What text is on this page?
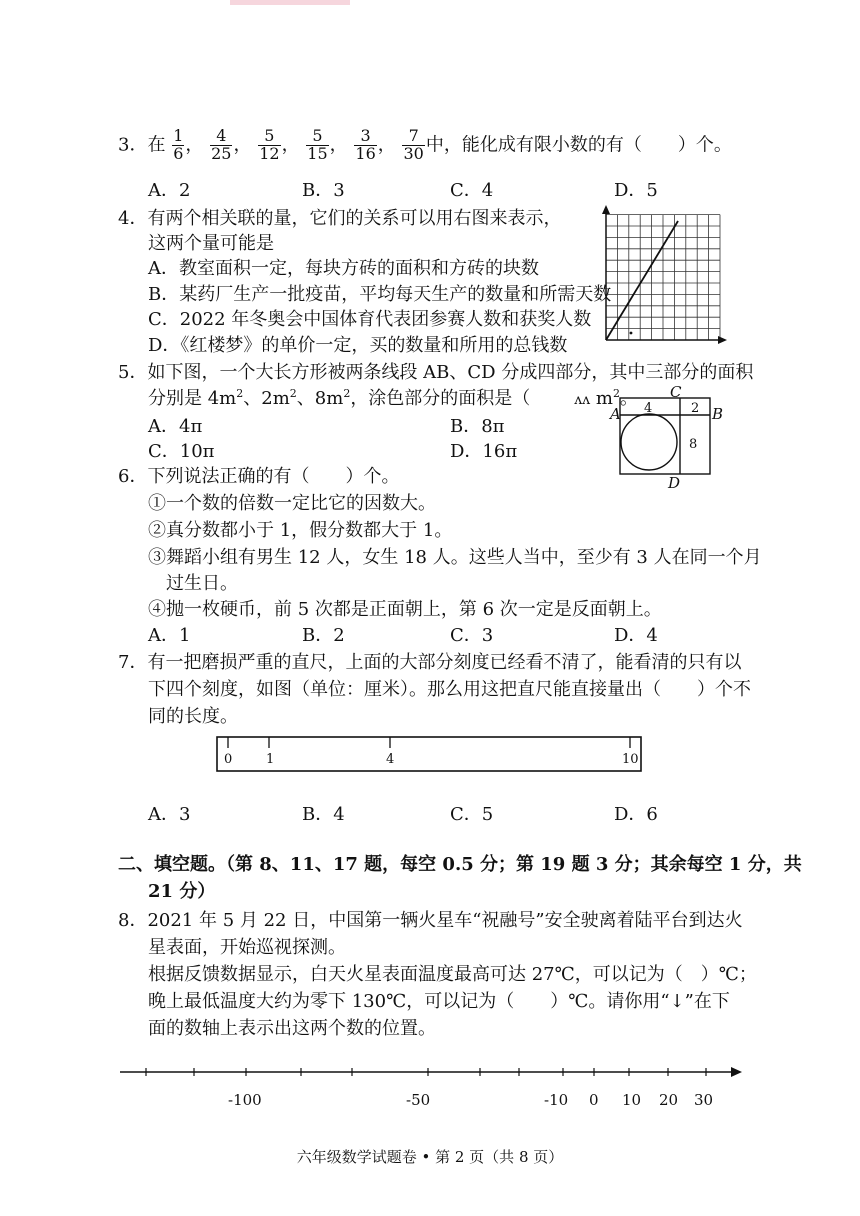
3．在 $\frac{1}{6}$ ， $\frac{4}{25}$ ， $\frac{5}{12}$ ， $\frac{5}{15}$ ， $\frac{3}{16}$ ， $\frac{7}{30}$ 中，能化成有限小数的有（　　）个。
A．2	B．3	C．4	D．5
4．有两个相关联的量，它们的关系可以用右图来表示，
这两个量可能是
A．教室面积一定，每块方砖的面积和方砖的块数
B．某药厂生产一批疫苗，平均每天生产的数量和所需天数
C．2022 年冬奥会中国体育代表团参赛人数和获奖人数
D．《红楼梦》的单价一定，买的数量和所用的总钱数
5．如下图，一个大长方形被两条线段 AB、CD 分成四部分，其中三部分的面积
分别是 $4m^2$、$2m^2$、$8m^2$，涂色部分的面积是（	ʌʌ $m^2$。
A．4π	B．8π
C．10π	D．16π
C
A	B
D
4	2
8
6．下列说法正确的有（　　）个。
①一个数的倍数一定比它的因数大。
②真分数都小于 1，假分数都大于 1。
③舞蹈小组有男生 12 人，女生 18 人。这些人当中，至少有 3 人在同一个月
过生日。
④抛一枚硬币，前 5 次都是正面朝上，第 6 次一定是反面朝上。
A．1	B．2	C．3	D．4
7．有一把磨损严重的直尺，上面的大部分刻度已经看不清了，能看清的只有以
下四个刻度，如图（单位：厘米）。那么用这把直尺能直接量出（　　）个不
同的长度。
0	1	4	10
A．3	B．4	C．5	D．6
二、填空题。（第 8、11、17 题，每空 0.5 分；第 19 题 3 分；其余每空 1 分，共
21 分）
8．2021 年 5 月 22 日，中国第一辆火星车“祝融号”安全驶离着陆平台到达火
星表面，开始巡视探测。
根据反馈数据显示，白天火星表面温度最高可达 27℃，可以记为（　）℃；
晚上最低温度大约为零下 130℃，可以记为（　　）℃。请你用“↓”在下
面的数轴上表示出这两个数的位置。
-100	-50	-10 0 10 20 30
六年级数学试题卷 • 第 2 页（共 8 页）
